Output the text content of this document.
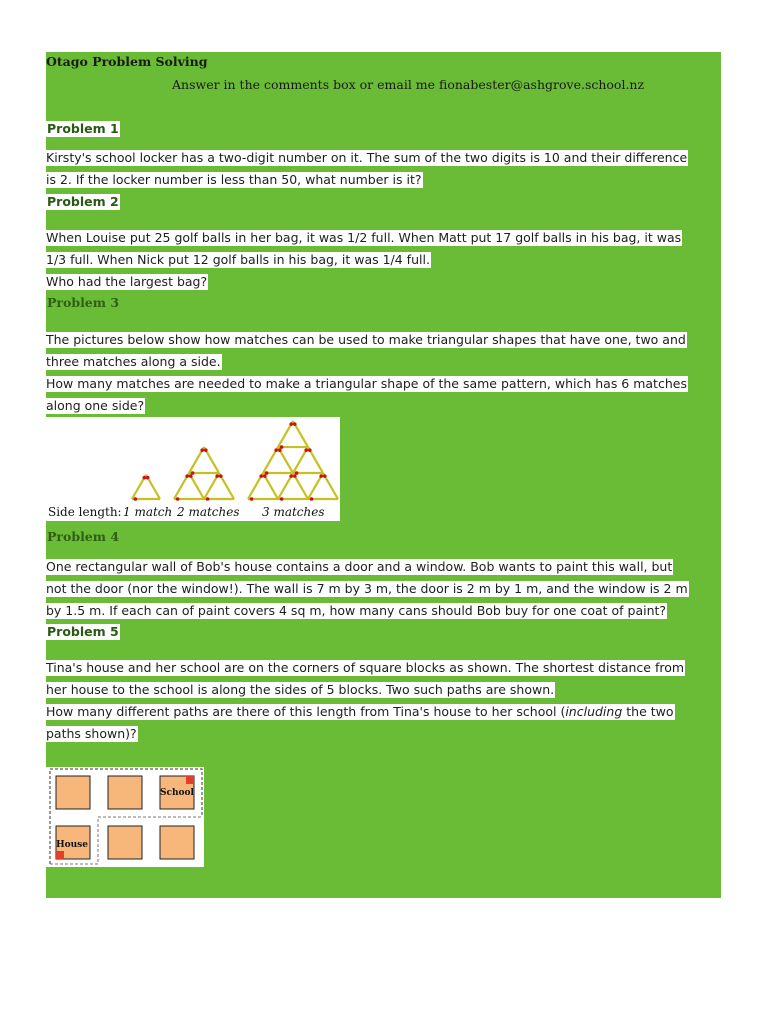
Otago Problem Solving
Answer in the comments box or email me fionabester@ashgrove.school.nz
Problem 1
Kirsty's school locker has a two-digit number on it. The sum of the two digits is 10 and their difference
is 2. If the locker number is less than 50, what number is it?
Problem 2
When Louise put 25 golf balls in her bag, it was 1/2 full. When Matt put 17 golf balls in his bag, it was
1/3 full. When Nick put 12 golf balls in his bag, it was 1/4 full.
Who had the largest bag?
Problem 3
The pictures below show how matches can be used to make triangular shapes that have one, two and
three matches along a side.
How many matches are needed to make a triangular shape of the same pattern, which has 6 matches
along one side?
Side length: 1 match 2 matches 3 matches
Problem 4
One rectangular wall of Bob's house contains a door and a window. Bob wants to paint this wall, but
not the door (nor the window!). The wall is 7 m by 3 m, the door is 2 m by 1 m, and the window is 2 m
by 1.5 m. If each can of paint covers 4 sq m, how many cans should Bob buy for one coat of paint?
Problem 5
Tina's house and her school are on the corners of square blocks as shown. The shortest distance from
her house to the school is along the sides of 5 blocks. Two such paths are shown.
How many different paths are there of this length from Tina's house to her school (including the two
paths shown)?
School
House
